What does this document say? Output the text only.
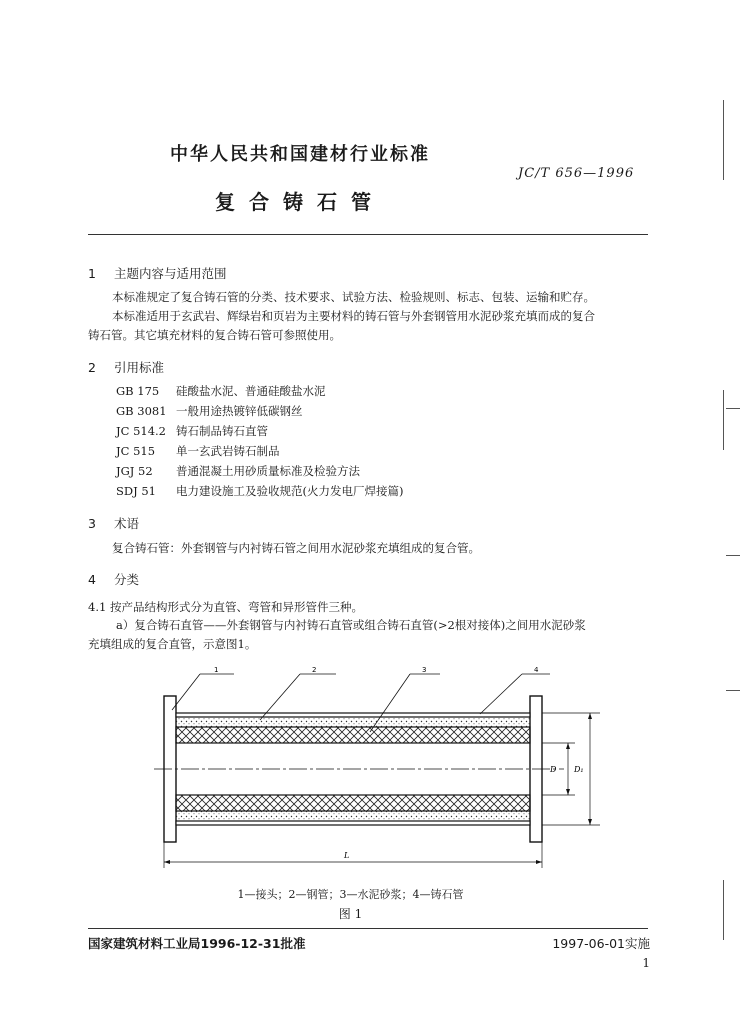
中华人民共和国建材行业标准
JC/T 656—1996
复合铸石管
1 主题内容与适用范围
本标准规定了复合铸石管的分类、技术要求、试验方法、检验规则、标志、包装、运输和贮存。
本标准适用于玄武岩、辉绿岩和页岩为主要材料的铸石管与外套钢管用水泥砂浆充填而成的复合
铸石管。其它填充材料的复合铸石管可参照使用。
2 引用标准
GB 175 硅酸盐水泥、普通硅酸盐水泥
GB 3081 一般用途热镀锌低碳钢丝
JC 514.2 铸石制品铸石直管
JC 515 单一玄武岩铸石制品
JGJ 52 普通混凝土用砂质量标准及检验方法
SDJ 51 电力建设施工及验收规范(火力发电厂焊接篇)
3 术语
复合铸石管：外套钢管与内衬铸石管之间用水泥砂浆充填组成的复合管。
4 分类
4.1 按产品结构形式分为直管、弯管和异形管件三种。
a）复合铸石直管——外套钢管与内衬铸石直管或组合铸石直管(>2根对接体)之间用水泥砂浆
充填组成的复合直管，示意图1。
1	2	3	4
D D₁
L
1—接头；2—钢管；3—水泥砂浆；4—铸石管
图 1
国家建筑材料工业局1996-12-31批准	1997-06-01实施
1
